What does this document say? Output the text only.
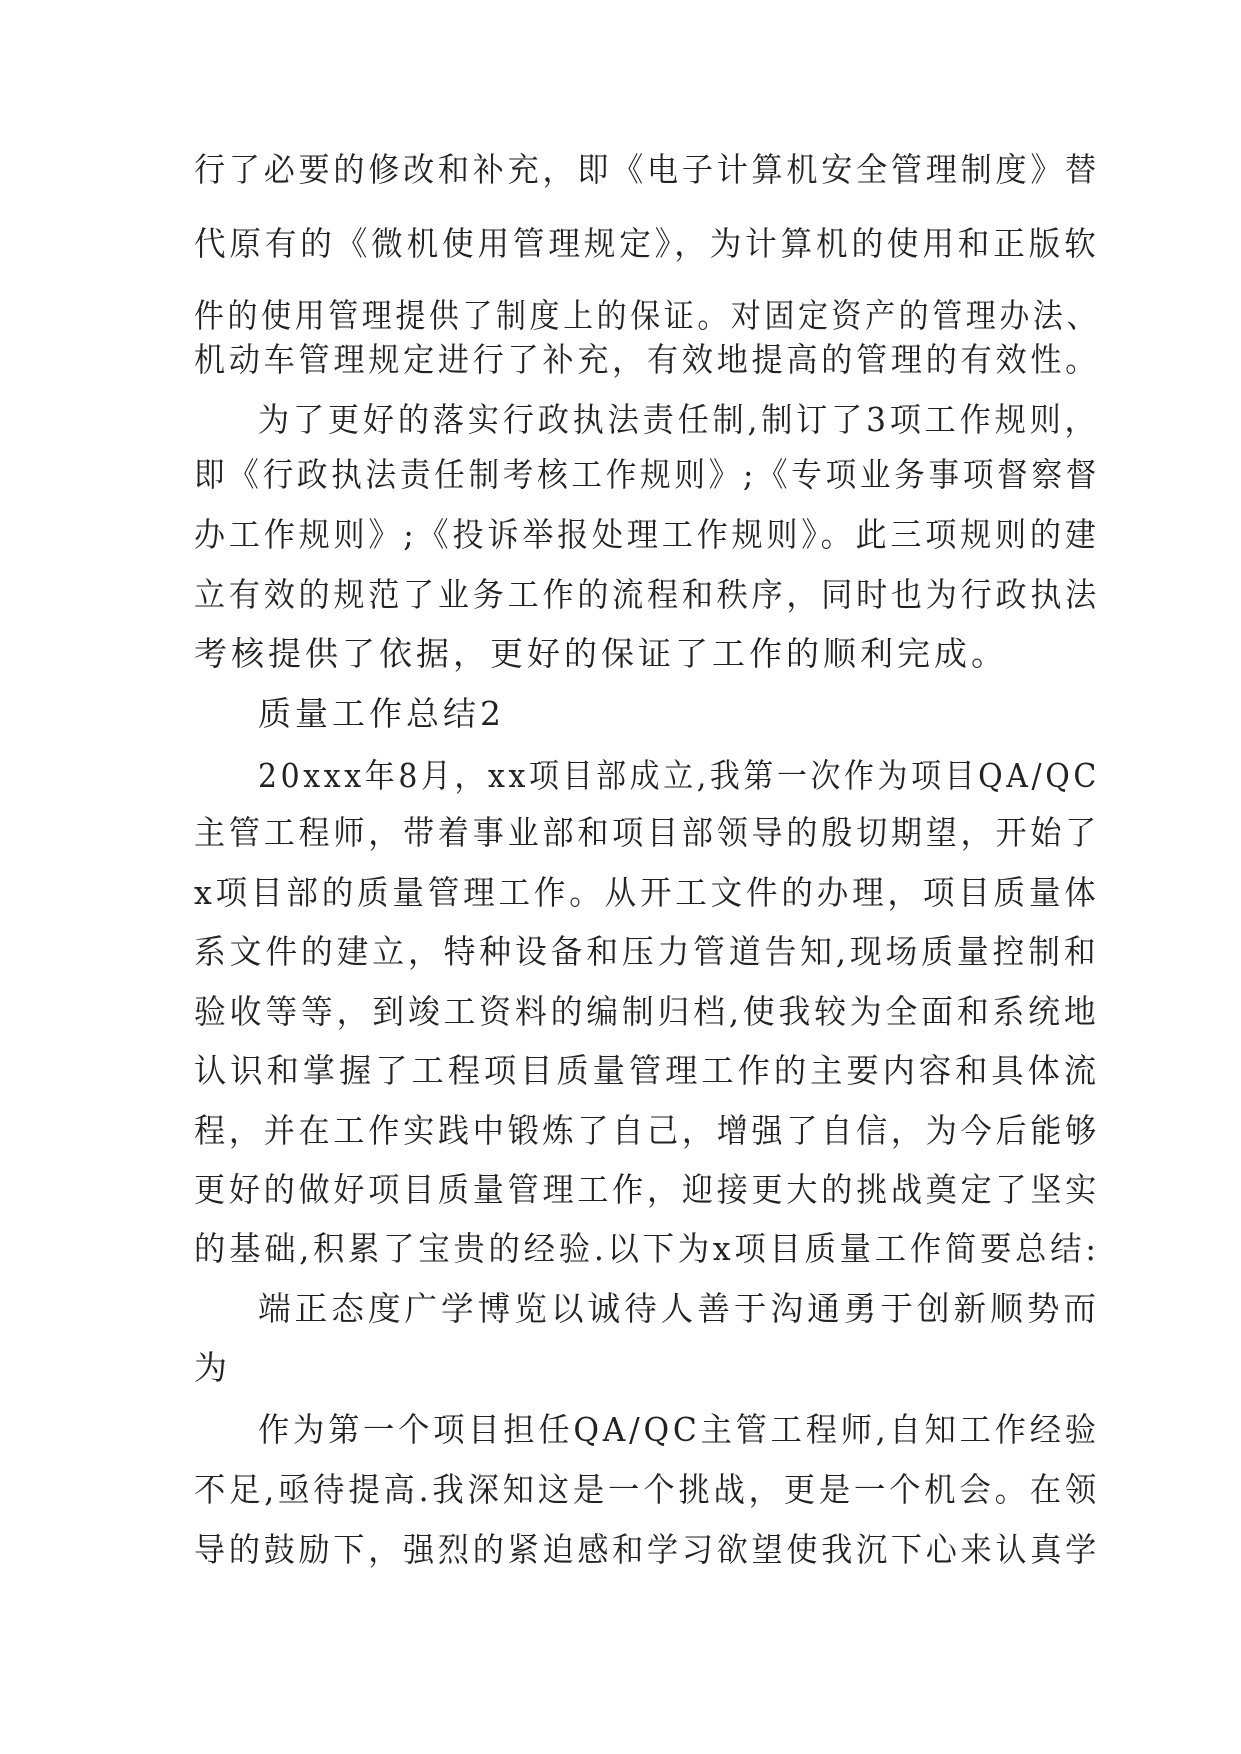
行了必要的修改和补充，即《电子计算机安全管理制度》替
代原有的《微机使用管理规定》，为计算机的使用和正版软
件的使用管理提供了制度上的保证。对固定资产的管理办法、
机动车管理规定进行了补充，有效地提高的管理的有效性。
为了更好的落实行政执法责任制,制订了3项工作规则，
即《行政执法责任制考核工作规则》;《专项业务事项督察督
办工作规则》;《投诉举报处理工作规则》。此三项规则的建
立有效的规范了业务工作的流程和秩序，同时也为行政执法
考核提供了依据，更好的保证了工作的顺利完成。
质量工作总结2
20xxx年8月，xx项目部成立,我第一次作为项目QA/QC
主管工程师，带着事业部和项目部领导的殷切期望，开始了
x项目部的质量管理工作。从开工文件的办理，项目质量体
系文件的建立，特种设备和压力管道告知,现场质量控制和
验收等等，到竣工资料的编制归档,使我较为全面和系统地
认识和掌握了工程项目质量管理工作的主要内容和具体流
程，并在工作实践中锻炼了自己，增强了自信，为今后能够
更好的做好项目质量管理工作，迎接更大的挑战奠定了坚实
的基础,积累了宝贵的经验.以下为x项目质量工作简要总结:
端正态度广学博览以诚待人善于沟通勇于创新顺势而
为
作为第一个项目担任QA/QC主管工程师,自知工作经验
不足,亟待提高.我深知这是一个挑战，更是一个机会。在领
导的鼓励下，强烈的紧迫感和学习欲望使我沉下心来认真学
